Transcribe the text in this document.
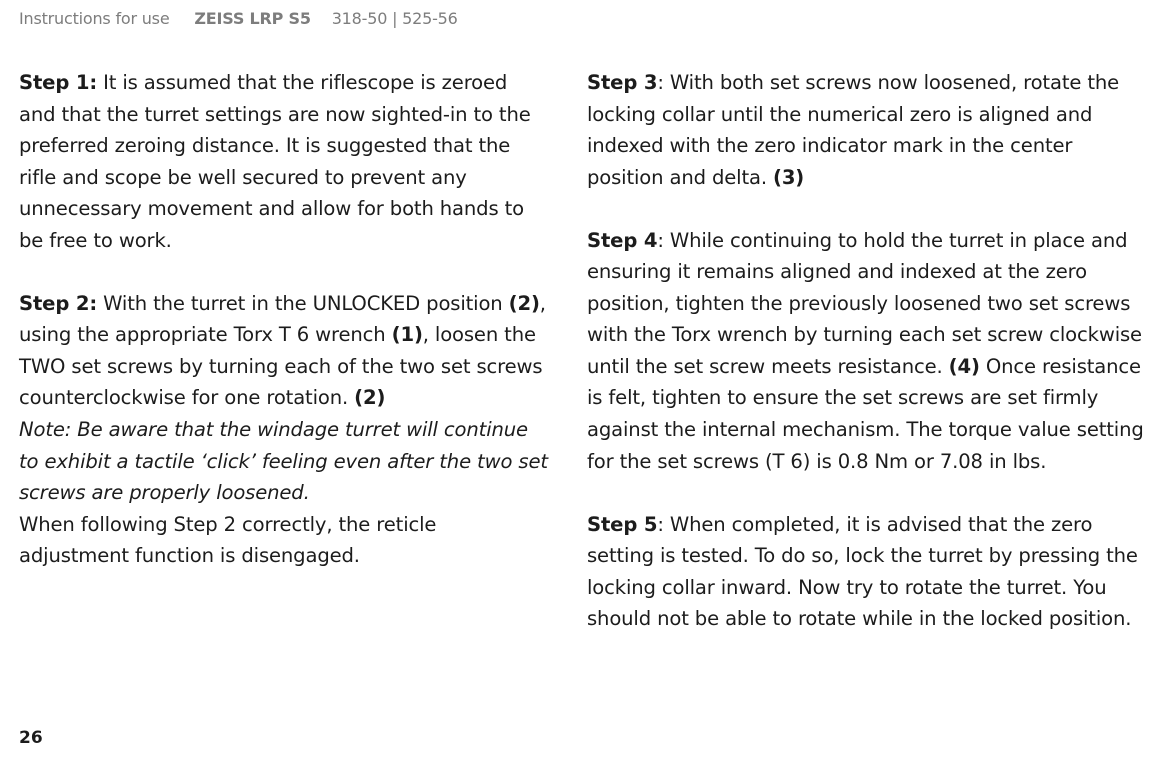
Instructions for use ZEISS LRP S5 318-50 | 525-56

Step 1: It is assumed that the riflescope is zeroed and that the turret settings are now sighted-in to the preferred zeroing distance. It is suggested that the rifle and scope be well secured to prevent any unnecessary movement and allow for both hands to be free to work.

Step 2: With the turret in the UNLOCKED position (2), using the appropriate Torx T 6 wrench (1), loosen the TWO set screws by turning each of the two set screws counterclockwise for one rotation. (2)

Note: Be aware that the windage turret will continue to exhibit a tactile ‘click’ feeling even after the two set screws are properly loosened.

When following Step 2 correctly, the reticle adjustment function is disengaged.

Step 3: With both set screws now loosened, rotate the locking collar until the numerical zero is aligned and indexed with the zero indicator mark in the center position and delta. (3)

Step 4: While continuing to hold the turret in place and ensuring it remains aligned and indexed at the zero position, tighten the previously loosened two set screws with the Torx wrench by turning each set screw clockwise until the set screw meets resistance. (4) Once resistance is felt, tighten to ensure the set screws are set firmly against the internal mechanism. The torque value setting for the set screws (T 6) is 0.8 Nm or 7.08 in lbs.

Step 5: When completed, it is advised that the zero setting is tested. To do so, lock the turret by pressing the locking collar inward. Now try to rotate the turret. You should not be able to rotate while in the locked position.

26
